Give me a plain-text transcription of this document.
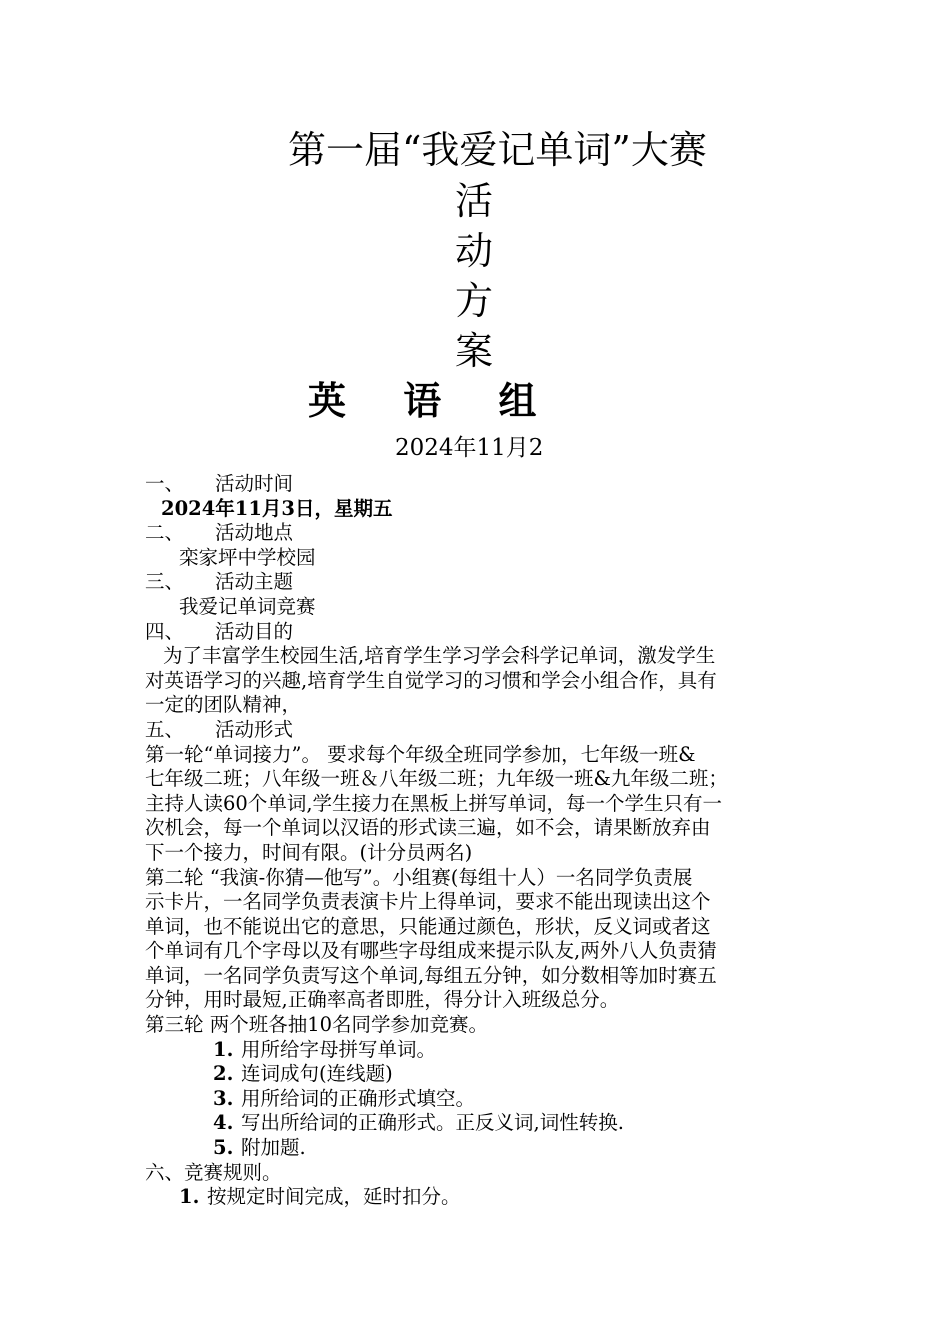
第一届“我爱记单词”大赛
活
动
方
案
英 语 组
2024年11月2
一、 活动时间
2024年11月3日，星期五
二、 活动地点
栾家坪中学校园
三、 活动主题
我爱记单词竞赛
四、 活动目的
为了丰富学生校园生活,培育学生学习学会科学记单词，激发学生
对英语学习的兴趣,培育学生自觉学习的习惯和学会小组合作，具有
一定的团队精神，
五、 活动形式
第一轮“单词接力”。 要求每个年级全班同学参加，七年级一班&
七年级二班；八年级一班＆八年级二班；九年级一班&九年级二班；
主持人读60个单词,学生接力在黑板上拼写单词，每一个学生只有一
次机会，每一个单词以汉语的形式读三遍，如不会，请果断放弃由
下一个接力，时间有限。(计分员两名)
第二轮 “我演-你猜—他写”。小组赛(每组十人）一名同学负责展
示卡片，一名同学负责表演卡片上得单词，要求不能出现读出这个
单词，也不能说出它的意思，只能通过颜色，形状，反义词或者这
个单词有几个字母以及有哪些字母组成来提示队友,两外八人负责猜
单词，一名同学负责写这个单词,每组五分钟，如分数相等加时赛五
分钟，用时最短,正确率高者即胜，得分计入班级总分。
第三轮 两个班各抽10名同学参加竞赛。
1. 用所给字母拼写单词。
2. 连词成句(连线题)
3. 用所给词的正确形式填空。
4. 写出所给词的正确形式。正反义词,词性转换.
5. 附加题.
六、竞赛规则。
1. 按规定时间完成，延时扣分。
